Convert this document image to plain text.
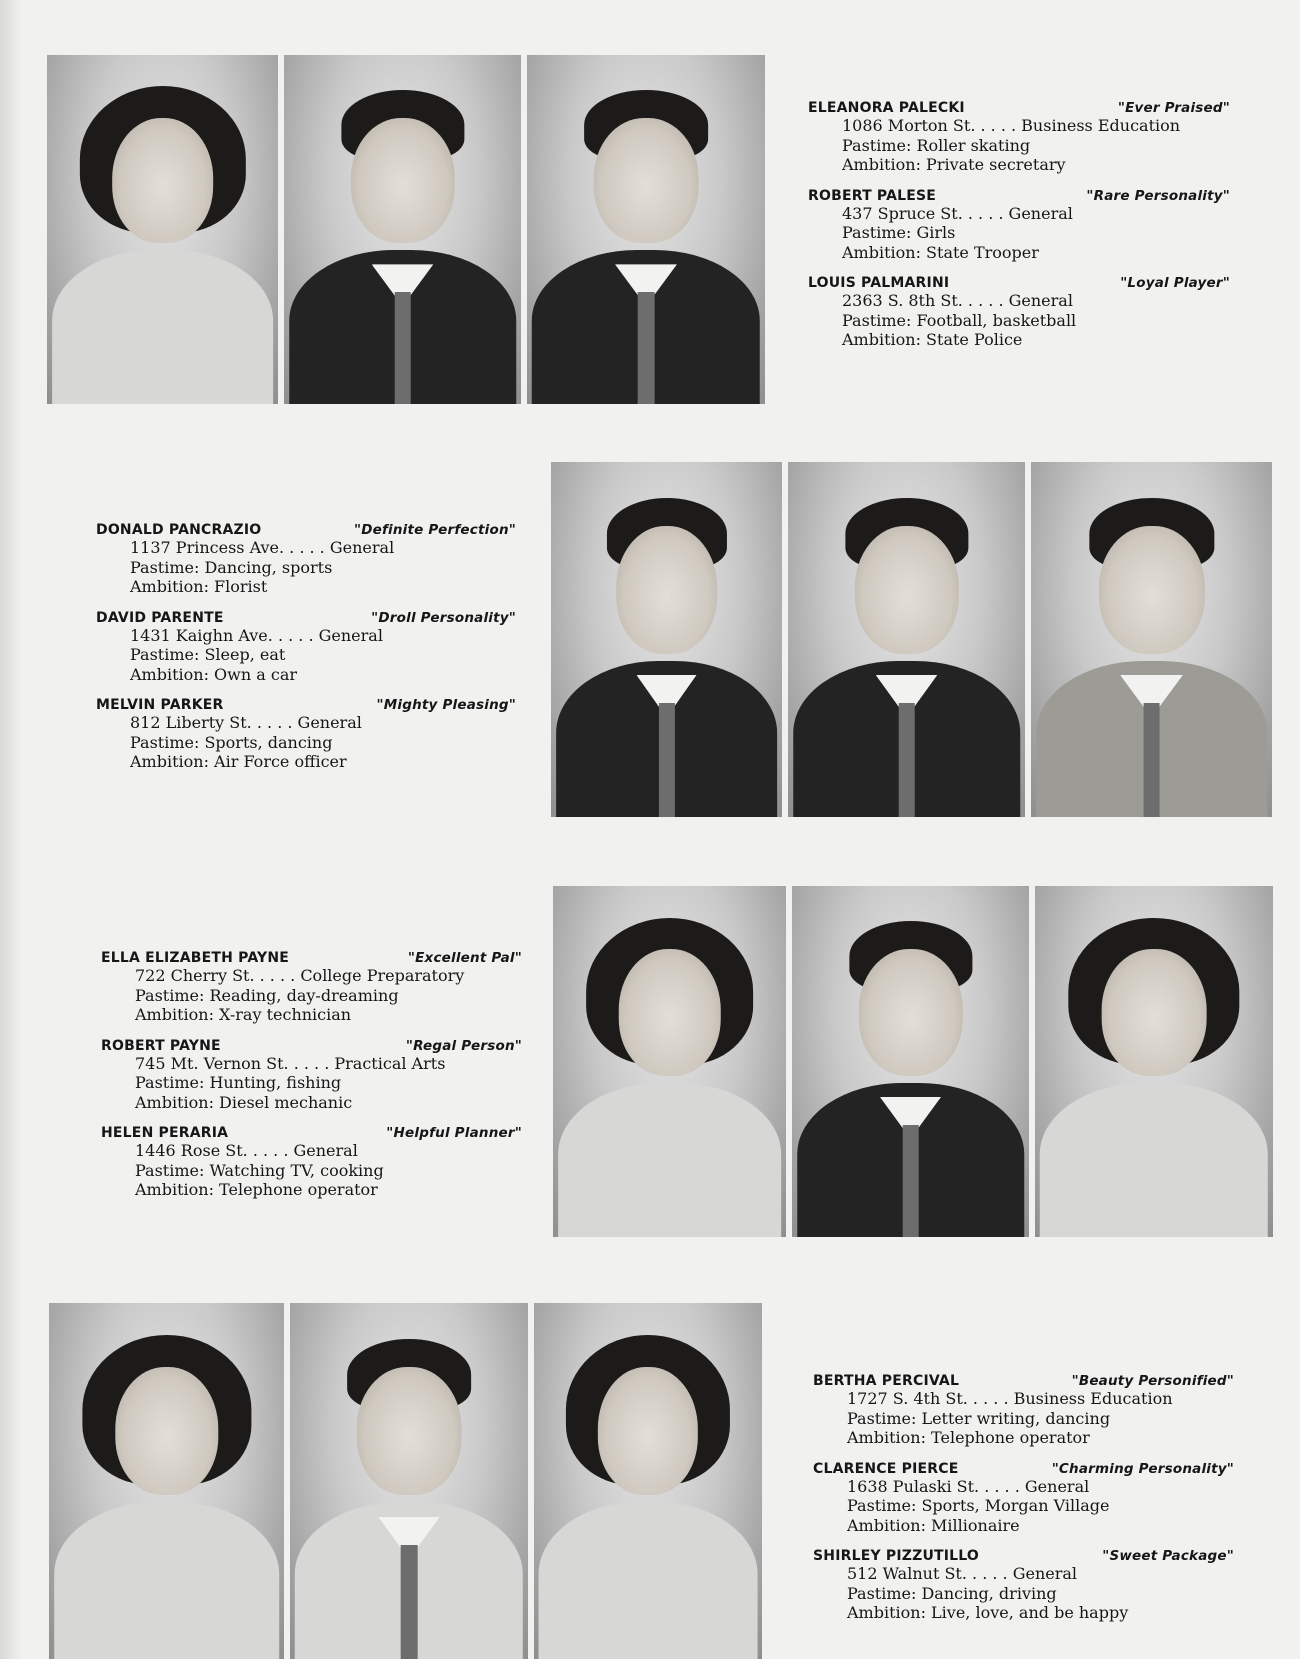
ELEANORA PALECKI	"Ever Praised"
1086 Morton St. . . . . Business Education
Pastime: Roller skating
Ambition: Private secretary
ROBERT PALESE	"Rare Personality"
437 Spruce St. . . . . General
Pastime: Girls
Ambition: State Trooper
LOUIS PALMARINI	"Loyal Player"
2363 S. 8th St. . . . . General
Pastime: Football, basketball
Ambition: State Police
DONALD PANCRAZIO	"Definite Perfection"
1137 Princess Ave. . . . . General
Pastime: Dancing, sports
Ambition: Florist
DAVID PARENTE	"Droll Personality"
1431 Kaighn Ave. . . . . General
Pastime: Sleep, eat
Ambition: Own a car
MELVIN PARKER	"Mighty Pleasing"
812 Liberty St. . . . . General
Pastime: Sports, dancing
Ambition: Air Force officer
ELLA ELIZABETH PAYNE	"Excellent Pal"
722 Cherry St. . . . . College Preparatory
Pastime: Reading, day-dreaming
Ambition: X-ray technician
ROBERT PAYNE	"Regal Person"
745 Mt. Vernon St. . . . . Practical Arts
Pastime: Hunting, fishing
Ambition: Diesel mechanic
HELEN PERARIA	"Helpful Planner"
1446 Rose St. . . . . General
Pastime: Watching TV, cooking
Ambition: Telephone operator
BERTHA PERCIVAL	"Beauty Personified"
1727 S. 4th St. . . . . Business Education
Pastime: Letter writing, dancing
Ambition: Telephone operator
CLARENCE PIERCE	"Charming Personality"
1638 Pulaski St. . . . . General
Pastime: Sports, Morgan Village
Ambition: Millionaire
SHIRLEY PIZZUTILLO	"Sweet Package"
512 Walnut St. . . . . General
Pastime: Dancing, driving
Ambition: Live, love, and be happy
